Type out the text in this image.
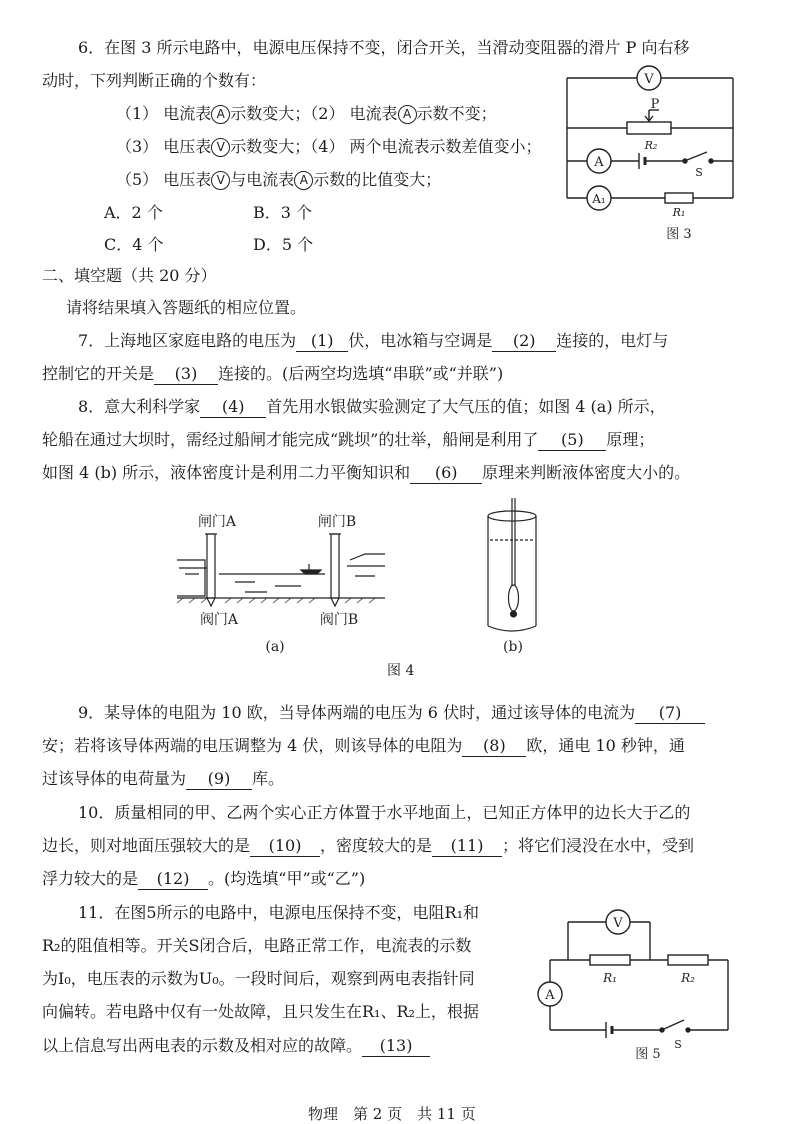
6．在图 3 所示电路中，电源电压保持不变，闭合开关，当滑动变阻器的滑片 P 向右移
动时，下列判断正确的个数有：
（1） 电流表 A 示数变大；（2） 电流表 A 示数不变；
（3） 电压表 V 示数变大；（4） 两个电流表示数差值变小；
（5） 电压表 V 与电流表 A 示数的比值变大；
A．2 个	B．3 个
C．4 个	D．5 个
V
P
R₂
A
S
A₁
R₁
图 3
二、填空题（共 20 分）
请将结果填入答题纸的相应位置。
7．上海地区家庭电路的电压为 (1) 伏，电冰箱与空调是 (2) 连接的，电灯与
控制它的开关是 (3) 连接的。(后两空均选填“串联”或“并联”)
8．意大利科学家 (4) 首先用水银做实验测定了大气压的值；如图 4 (a) 所示，
轮船在通过大坝时，需经过船闸才能完成“跳坝”的壮举，船闸是利用了 (5) 原理；
如图 4 (b) 所示，液体密度计是利用二力平衡知识和 (6) 原理来判断液体密度大小的。
闸门A	闸门B
阀门A	阀门B
(a)	(b)
图 4
9．某导体的电阻为 10 欧，当导体两端的电压为 6 伏时，通过该导体的电流为 (7)
安；若将该导体两端的电压调整为 4 伏，则该导体的电阻为 (8) 欧，通电 10 秒钟，通
过该导体的电荷量为 (9) 库。
10．质量相同的甲、乙两个实心正方体置于水平地面上，已知正方体甲的边长大于乙的
边长，则对地面压强较大的是 (10) ，密度较大的是 (11) ；将它们浸没在水中，受到
浮力较大的是 (12) 。(均选填“甲”或“乙”)
11．在图5所示的电路中，电源电压保持不变，电阻R₁和
R₂的阻值相等。开关S闭合后，电路正常工作，电流表的示数
为I₀，电压表的示数为U₀。一段时间后，观察到两电表指针同
向偏转。若电路中仅有一处故障，且只发生在R₁、R₂上，根据
以上信息写出两电表的示数及相对应的故障。 (13)
V
R₁	R₂
A
S
图 5
物理　第 2 页　共 11 页
